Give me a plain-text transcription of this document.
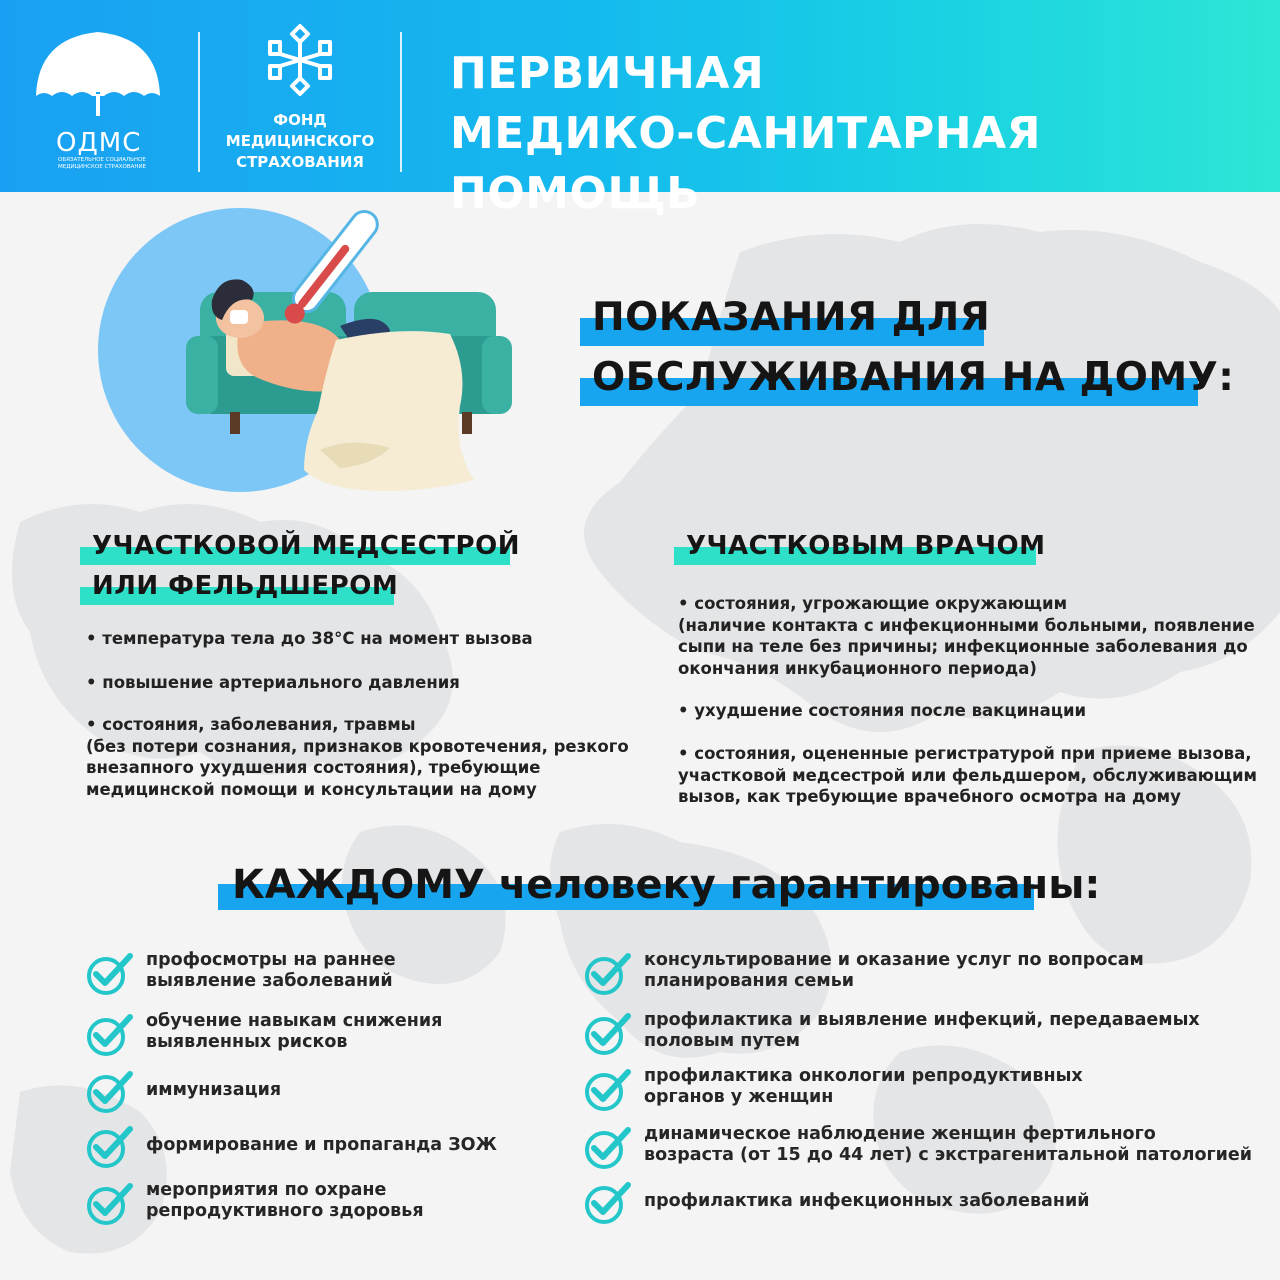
ОДМС
ОБЯЗАТЕЛЬНОЕ СОЦИАЛЬНОЕ МЕДИЦИНСКОЕ СТРАХОВАНИЕ
ФОНД
МЕДИЦИНСКОГО
СТРАХОВАНИЯ
ПЕРВИЧНАЯ
МЕДИКО-САНИТАРНАЯ ПОМОЩЬ
ПОКАЗАНИЯ ДЛЯ
ОБСЛУЖИВАНИЯ НА ДОМУ:
УЧАСТКОВОЙ МЕДСЕСТРОЙ
ИЛИ ФЕЛЬДШЕРОМ

• температура тела до 38°С на момент вызова

• повышение артериального давления

• состояния, заболевания, травмы

(без потери сознания, признаков кровотечения, резкого

внезапного ухудшения состояния), требующие

медицинской помощи и консультации на дому

УЧАСТКОВЫМ ВРАЧОМ

• состояния, угрожающие окружающим

(наличие контакта с инфекционными больными, появление

сыпи на теле без причины; инфекционные заболевания до

окончания инкубационного периода)

• ухудшение состояния после вакцинации

• состояния, оцененные регистратурой при приеме вызова,

участковой медсестрой или фельдшером, обслуживающим

вызов, как требующие врачебного осмотра на дому

КАЖДОМУ человеку гарантированы:
профосмотры на раннее
выявление заболеваний
обучение навыкам снижения
выявленных рисков
иммунизация
формирование и пропаганда ЗОЖ
мероприятия по охране
репродуктивного здоровья
консультирование и оказание услуг по вопросам
планирования семьи
профилактика и выявление инфекций, передаваемых
половым путем
профилактика онкологии репродуктивных
органов у женщин
динамическое наблюдение женщин фертильного
возраста (от 15 до 44 лет) с экстрагенитальной патологией
профилактика инфекционных заболеваний
